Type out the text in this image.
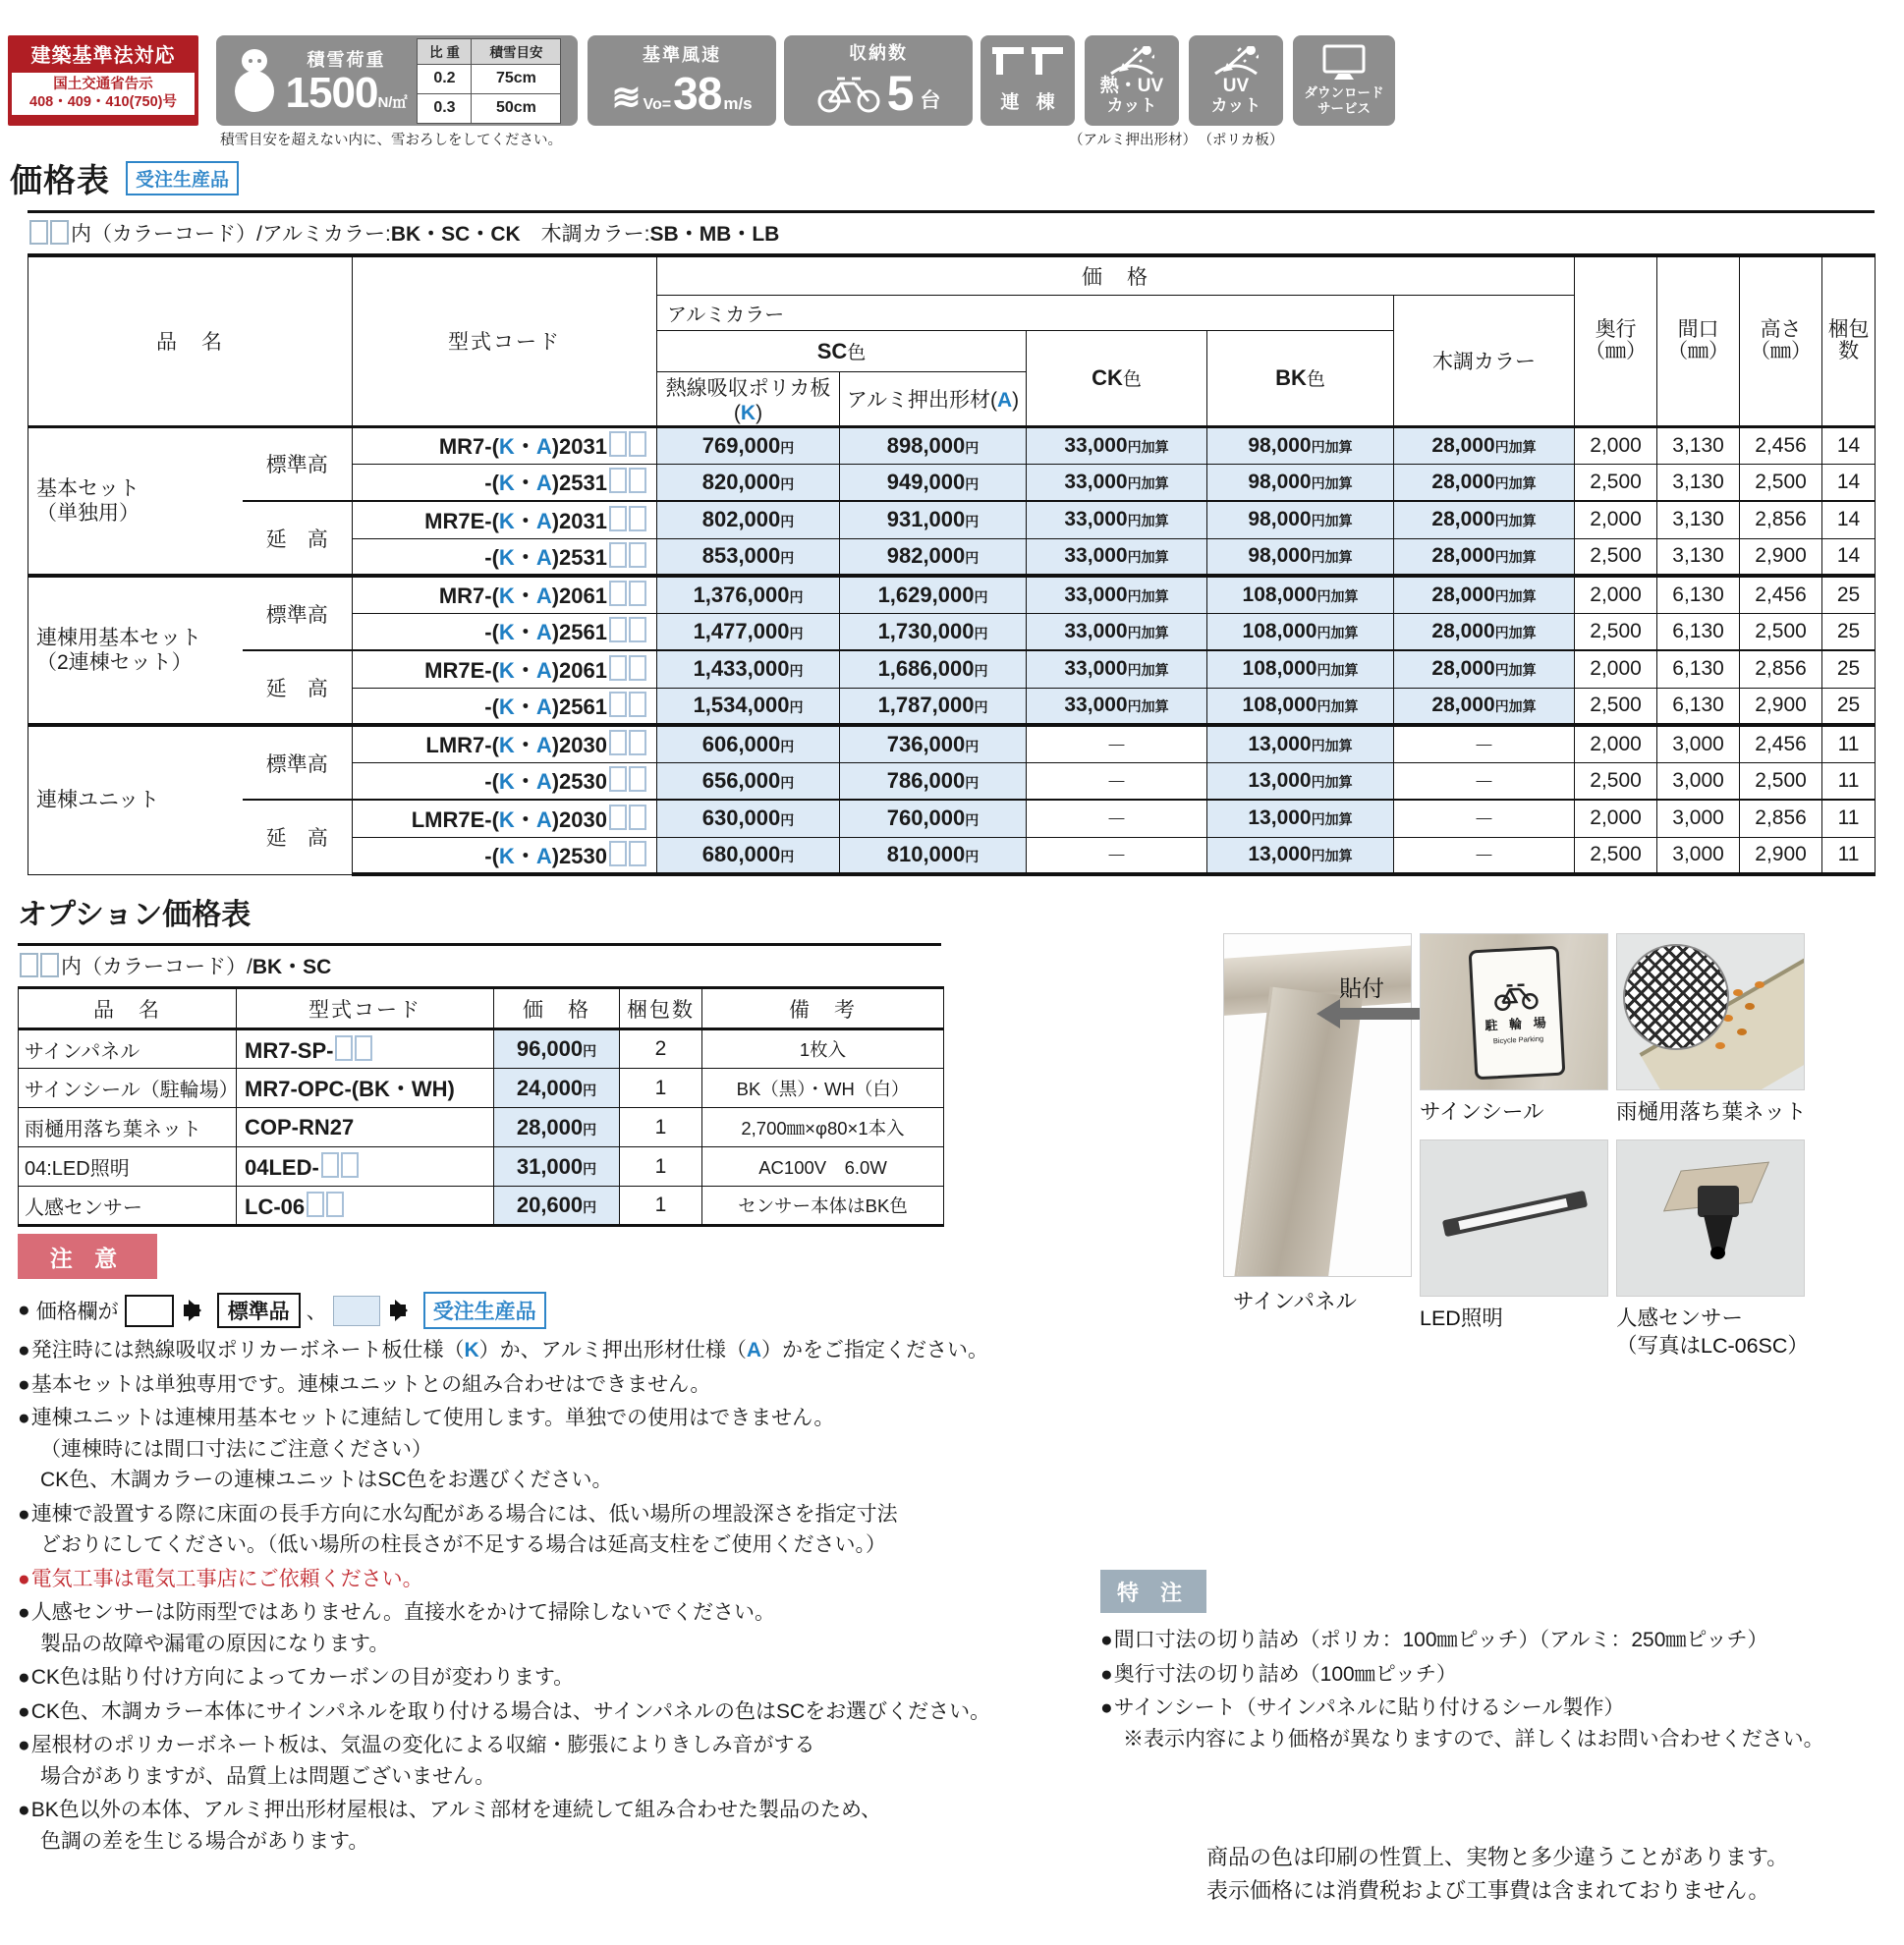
建築基準法対応
国土交通省告示
408・409・410(750)号
積雪荷重
1500N/㎡
比 重	積雪目安
0.2	75cm
0.3	50cm
積雪目安を超えない内に、雪おろしをしてください。
基準風速
≋ Vo= 38 m/s
収納数
5 台	連 棟
熱・UV
カット
（アルミ押出形材）
UV
カット
（ポリカ板）
ダウンロード
サービス
価格表	受注生産品
内（カラーコード）/アルミカラー:BK・SC・CK　 木調カラー:SB・MB・LB
品　名	型式コード	価　格	
奥行
（㎜）

間口
（㎜）

高さ
（㎜）

梱包
数

			アルミカラー				木調カラー				
			SC色		CK色	BK色					
			熱線吸収ポリカ板(K)	アルミ押出形材(A)							

基本セット
（単独用）	標準高	MR7-(K・A)2031	769,000円	898,000円	33,000円加算	98,000円加算	28,000円加算	2,000	3,130	2,456	14
		-(K・A)2531	820,000円	949,000円	33,000円加算	98,000円加算	28,000円加算	2,500	3,130	2,500	14
	延　高	MR7E-(K・A)2031	802,000円	931,000円	33,000円加算	98,000円加算	28,000円加算	2,000	3,130	2,856	14
		-(K・A)2531	853,000円	982,000円	33,000円加算	98,000円加算	28,000円加算	2,500	3,130	2,900	14

連棟用基本セット
（2連棟セット）	標準高	MR7-(K・A)2061	1,376,000円	1,629,000円	33,000円加算	108,000円加算	28,000円加算	2,000	6,130	2,456	25
		-(K・A)2561	1,477,000円	1,730,000円	33,000円加算	108,000円加算	28,000円加算	2,500	6,130	2,500	25
	延　高	MR7E-(K・A)2061	1,433,000円	1,686,000円	33,000円加算	108,000円加算	28,000円加算	2,000	6,130	2,856	25
		-(K・A)2561	1,534,000円	1,787,000円	33,000円加算	108,000円加算	28,000円加算	2,500	6,130	2,900	25

連棟ユニット	標準高	LMR7-(K・A)2030	606,000円	736,000円	－	13,000円加算	－	2,000	3,000	2,456	11
		-(K・A)2530	656,000円	786,000円	－	13,000円加算	－	2,500	3,000	2,500	11
	延　高	LMR7E-(K・A)2030	630,000円	760,000円	－	13,000円加算	－	2,000	3,000	2,856	11
		-(K・A)2530	680,000円	810,000円	－	13,000円加算	－	2,500	3,000	2,900	11
オプション価格表
内（カラーコード）/BK・SC
品　名	型式コード	価　格	梱包数	備　考
サインパネル	MR7-SP-	96,000円	2	1枚入
サインシール（駐輪場）	MR7-OPC-(BK・WH)	24,000円	1	BK（黒）・WH（白）
雨樋用落ち葉ネット	COP-RN27	28,000円	1	2,700㎜×φ80×1本入
04:LED照明	04LED-	31,000円	1	AC100V　6.0W
人感センサー	LC-06	20,600円	1	センサー本体はBK色
注 意
● 価格欄が	標準品 、	受注生産品
●発注時には熱線吸収ポリカーボネート板仕様（K）か、アルミ押出形材仕様（A）かをご指定ください。
●基本セットは単独専用です。連棟ユニットとの組み合わせはできません。
●連棟ユニットは連棟用基本セットに連結して使用します。単独での使用はできません。
（連棟時には間口寸法にご注意ください）
CK色、木調カラーの連棟ユニットはSC色をお選びください。
●連棟で設置する際に床面の長手方向に水勾配がある場合には、低い場所の埋設深さを指定寸法
どおりにしてください。（低い場所の柱長さが不足する場合は延高支柱をご使用ください。）
●電気工事は電気工事店にご依頼ください。
●人感センサーは防雨型ではありません。直接水をかけて掃除しないでください。
製品の故障や漏電の原因になります。
●CK色は貼り付け方向によってカーボンの目が変わります。
●CK色、木調カラー本体にサインパネルを取り付ける場合は、サインパネルの色はSCをお選びください。
●屋根材のポリカーボネート板は、気温の変化による収縮・膨張によりきしみ音がする
場合がありますが、品質上は問題ございません。
●BK色以外の本体、アルミ押出形材屋根は、アルミ部材を連続して組み合わせた製品のため、
色調の差を生じる場合があります。
サインパネル
駐 輪 場
Bicycle Parking
サインシール	雨樋用落ち葉ネット
LED照明	人感センサー
（写真はLC-06SC）
貼付
特 注
●間口寸法の切り詰め（ポリカ：100㎜ピッチ）（アルミ：250㎜ピッチ）
●奥行寸法の切り詰め（100㎜ピッチ）
●サインシート（サインパネルに貼り付けるシール製作）
※表示内容により価格が異なりますので、詳しくはお問い合わせください。
商品の色は印刷の性質上、実物と多少違うことがあります。
表示価格には消費税および工事費は含まれておりません。
